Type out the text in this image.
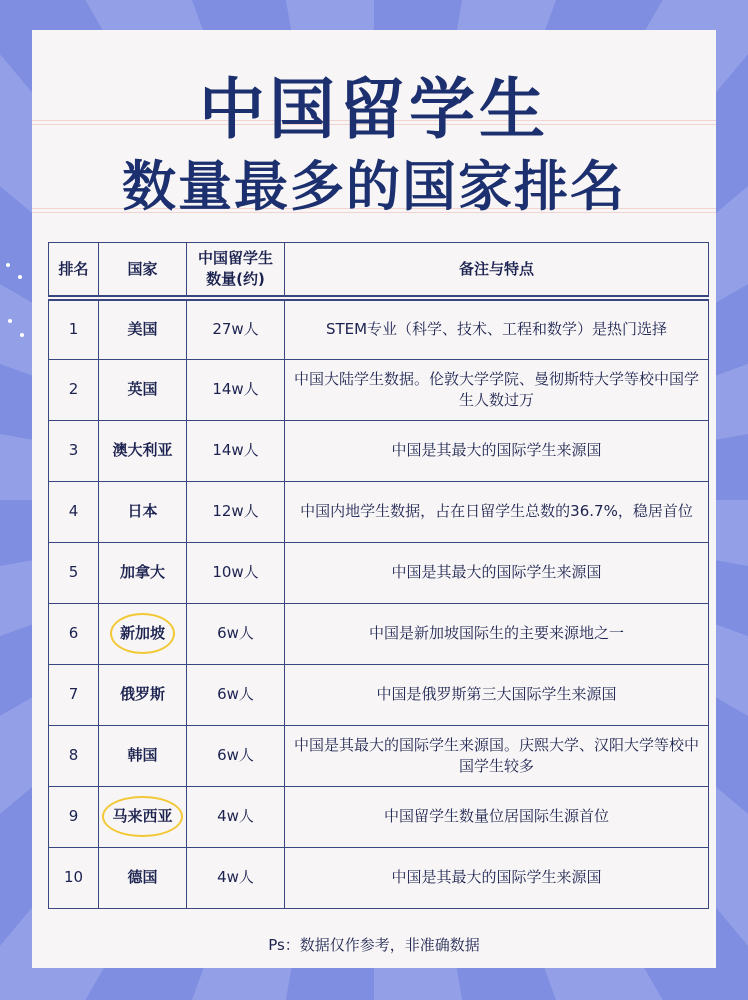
中国留学生
数量最多的国家排名
排名	国家	中国留学生数量(约)	备注与特点
1	美国	27w人	STEM专业（科学、技术、工程和数学）是热门选择
2	英国	14w人	中国大陆学生数据。伦敦大学学院、曼彻斯特大学等校中国学生人数过万
3	澳大利亚	14w人	中国是其最大的国际学生来源国
4	日本	12w人	中国内地学生数据，占在日留学生总数的36.7%，稳居首位
5	加拿大	10w人	中国是其最大的国际学生来源国
6	新加坡	6w人	中国是新加坡国际生的主要来源地之一
7	俄罗斯	6w人	中国是俄罗斯第三大国际学生来源国
8	韩国	6w人	中国是其最大的国际学生来源国。庆熙大学、汉阳大学等校中国学生较多
9	马来西亚	4w人	中国留学生数量位居国际生源首位
10	德国	4w人	中国是其最大的国际学生来源国
Ps：数据仅作参考，非准确数据
